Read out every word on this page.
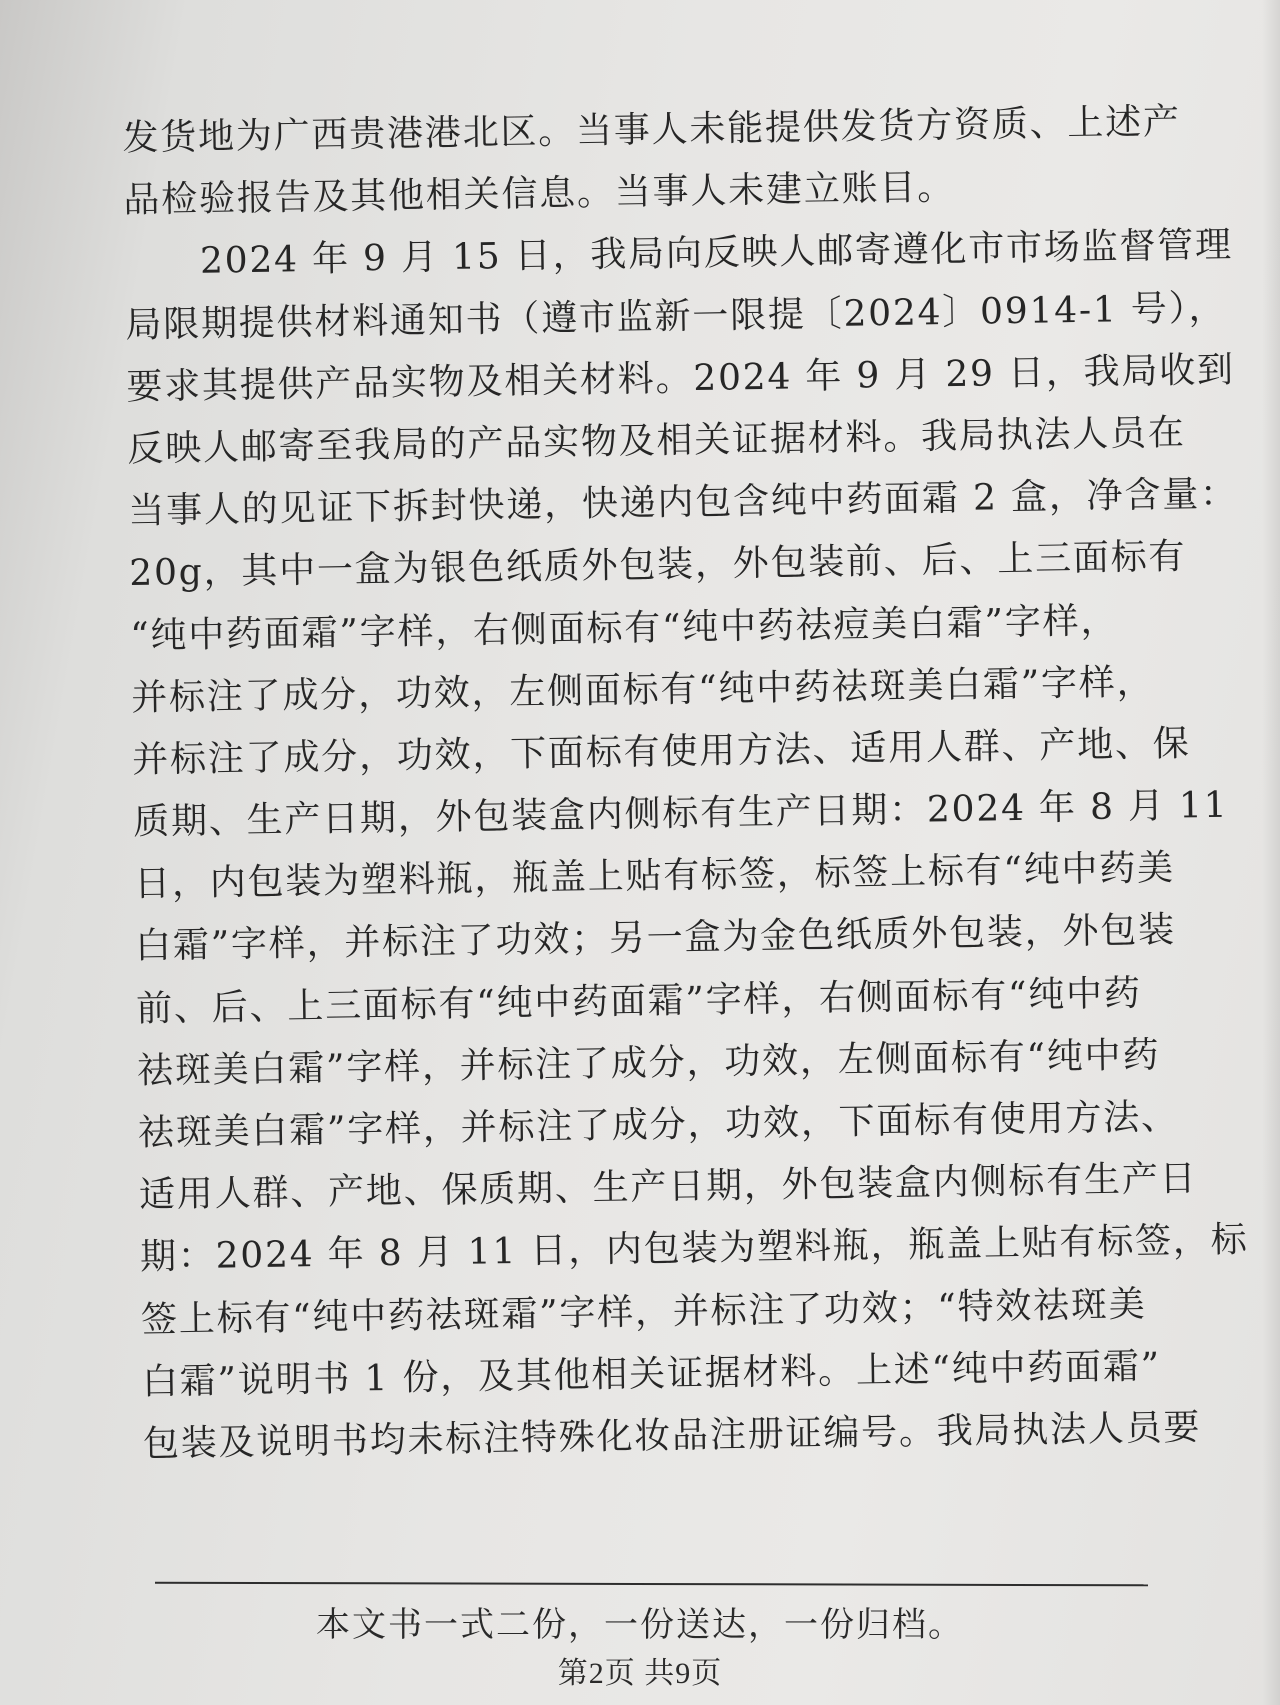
发货地为广西贵港港北区。当事人未能提供发货方资质、上述产
品检验报告及其他相关信息。当事人未建立账目。
　　2024 年 9 月 15 日，我局向反映人邮寄遵化市市场监督管理
局限期提供材料通知书（遵市监新一限提〔2024〕0914-1 号），
要求其提供产品实物及相关材料。2024 年 9 月 29 日，我局收到
反映人邮寄至我局的产品实物及相关证据材料。我局执法人员在
当事人的见证下拆封快递，快递内包含纯中药面霜 2 盒，净含量：
20g，其中一盒为银色纸质外包装，外包装前、后、上三面标有
“纯中药面霜”字样，右侧面标有“纯中药祛痘美白霜”字样，
并标注了成分，功效，左侧面标有“纯中药祛斑美白霜”字样，
并标注了成分，功效，下面标有使用方法、适用人群、产地、保
质期、生产日期，外包装盒内侧标有生产日期：2024 年 8 月 11
日，内包装为塑料瓶，瓶盖上贴有标签，标签上标有“纯中药美
白霜”字样，并标注了功效；另一盒为金色纸质外包装，外包装
前、后、上三面标有“纯中药面霜”字样，右侧面标有“纯中药
祛斑美白霜”字样，并标注了成分，功效，左侧面标有“纯中药
祛斑美白霜”字样，并标注了成分，功效，下面标有使用方法、
适用人群、产地、保质期、生产日期，外包装盒内侧标有生产日
期：2024 年 8 月 11 日，内包装为塑料瓶，瓶盖上贴有标签，标
签上标有“纯中药祛斑霜”字样，并标注了功效；“特效祛斑美
白霜”说明书 1 份，及其他相关证据材料。上述“纯中药面霜”
包装及说明书均未标注特殊化妆品注册证编号。我局执法人员要
本文书一式二份，一份送达，一份归档。
第2页 共9页
